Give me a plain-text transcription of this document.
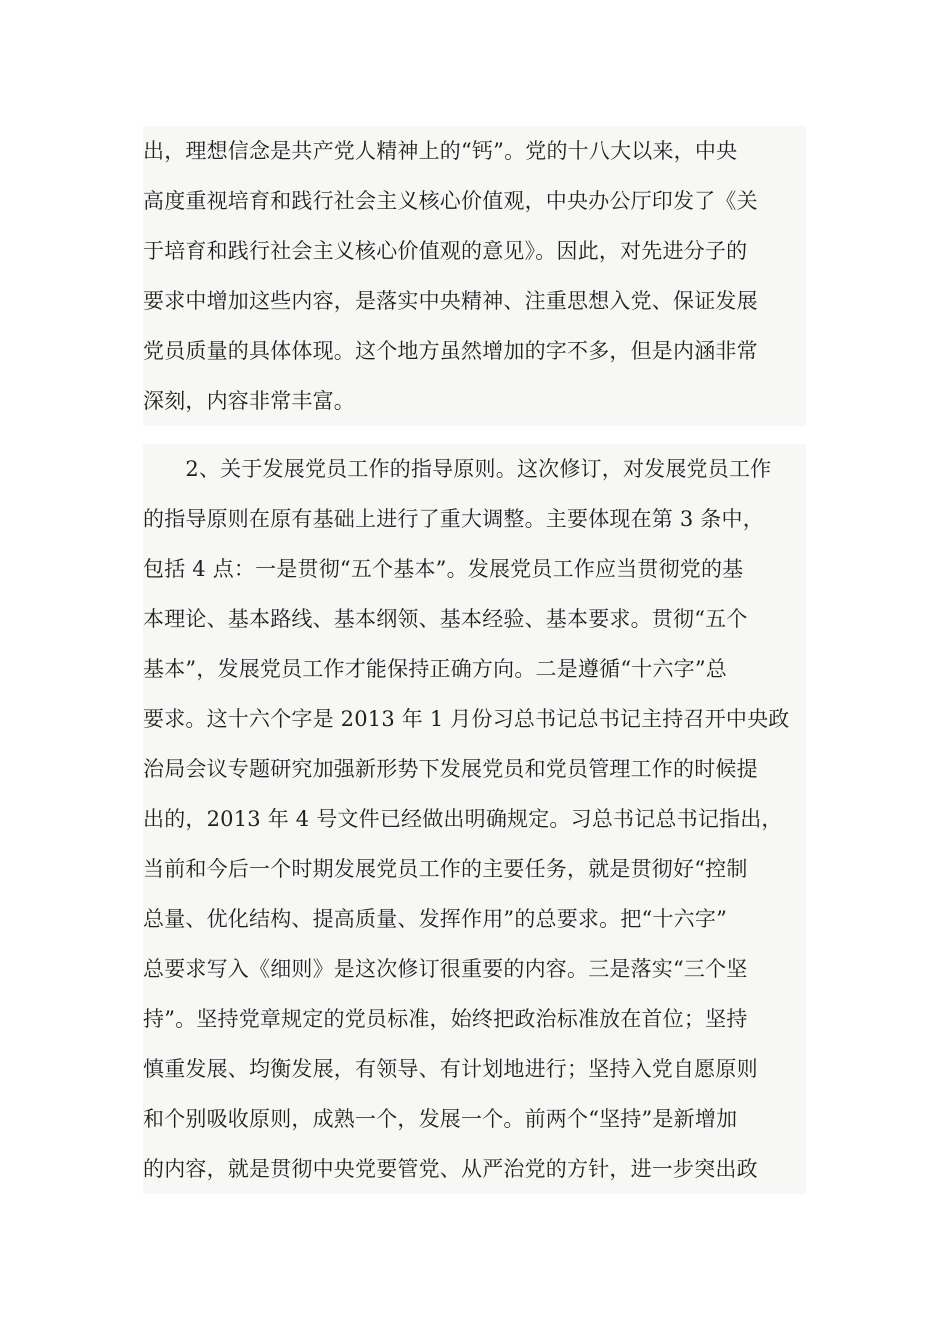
出，理想信念是共产党人精神上的“钙”。党的十八大以来，中央
高度重视培育和践行社会主义核心价值观，中央办公厅印发了《关
于培育和践行社会主义核心价值观的意见》。因此，对先进分子的
要求中增加这些内容，是落实中央精神、注重思想入党、保证发展
党员质量的具体体现。这个地方虽然增加的字不多，但是内涵非常
深刻，内容非常丰富。
　　2、关于发展党员工作的指导原则。这次修订，对发展党员工作
的指导原则在原有基础上进行了重大调整。主要体现在第 3 条中，
包括 4 点：一是贯彻“五个基本”。发展党员工作应当贯彻党的基
本理论、基本路线、基本纲领、基本经验、基本要求。贯彻“五个
基本”，发展党员工作才能保持正确方向。二是遵循“十六字”总
要求。这十六个字是 2013 年 1 月份习总书记总书记主持召开中央政
治局会议专题研究加强新形势下发展党员和党员管理工作的时候提
出的，2013 年 4 号文件已经做出明确规定。习总书记总书记指出，
当前和今后一个时期发展党员工作的主要任务，就是贯彻好“控制
总量、优化结构、提高质量、发挥作用”的总要求。把“十六字”
总要求写入《细则》是这次修订很重要的内容。三是落实“三个坚
持”。坚持党章规定的党员标准，始终把政治标准放在首位；坚持
慎重发展、均衡发展，有领导、有计划地进行；坚持入党自愿原则
和个别吸收原则，成熟一个，发展一个。前两个“坚持”是新增加
的内容，就是贯彻中央党要管党、从严治党的方针，进一步突出政
